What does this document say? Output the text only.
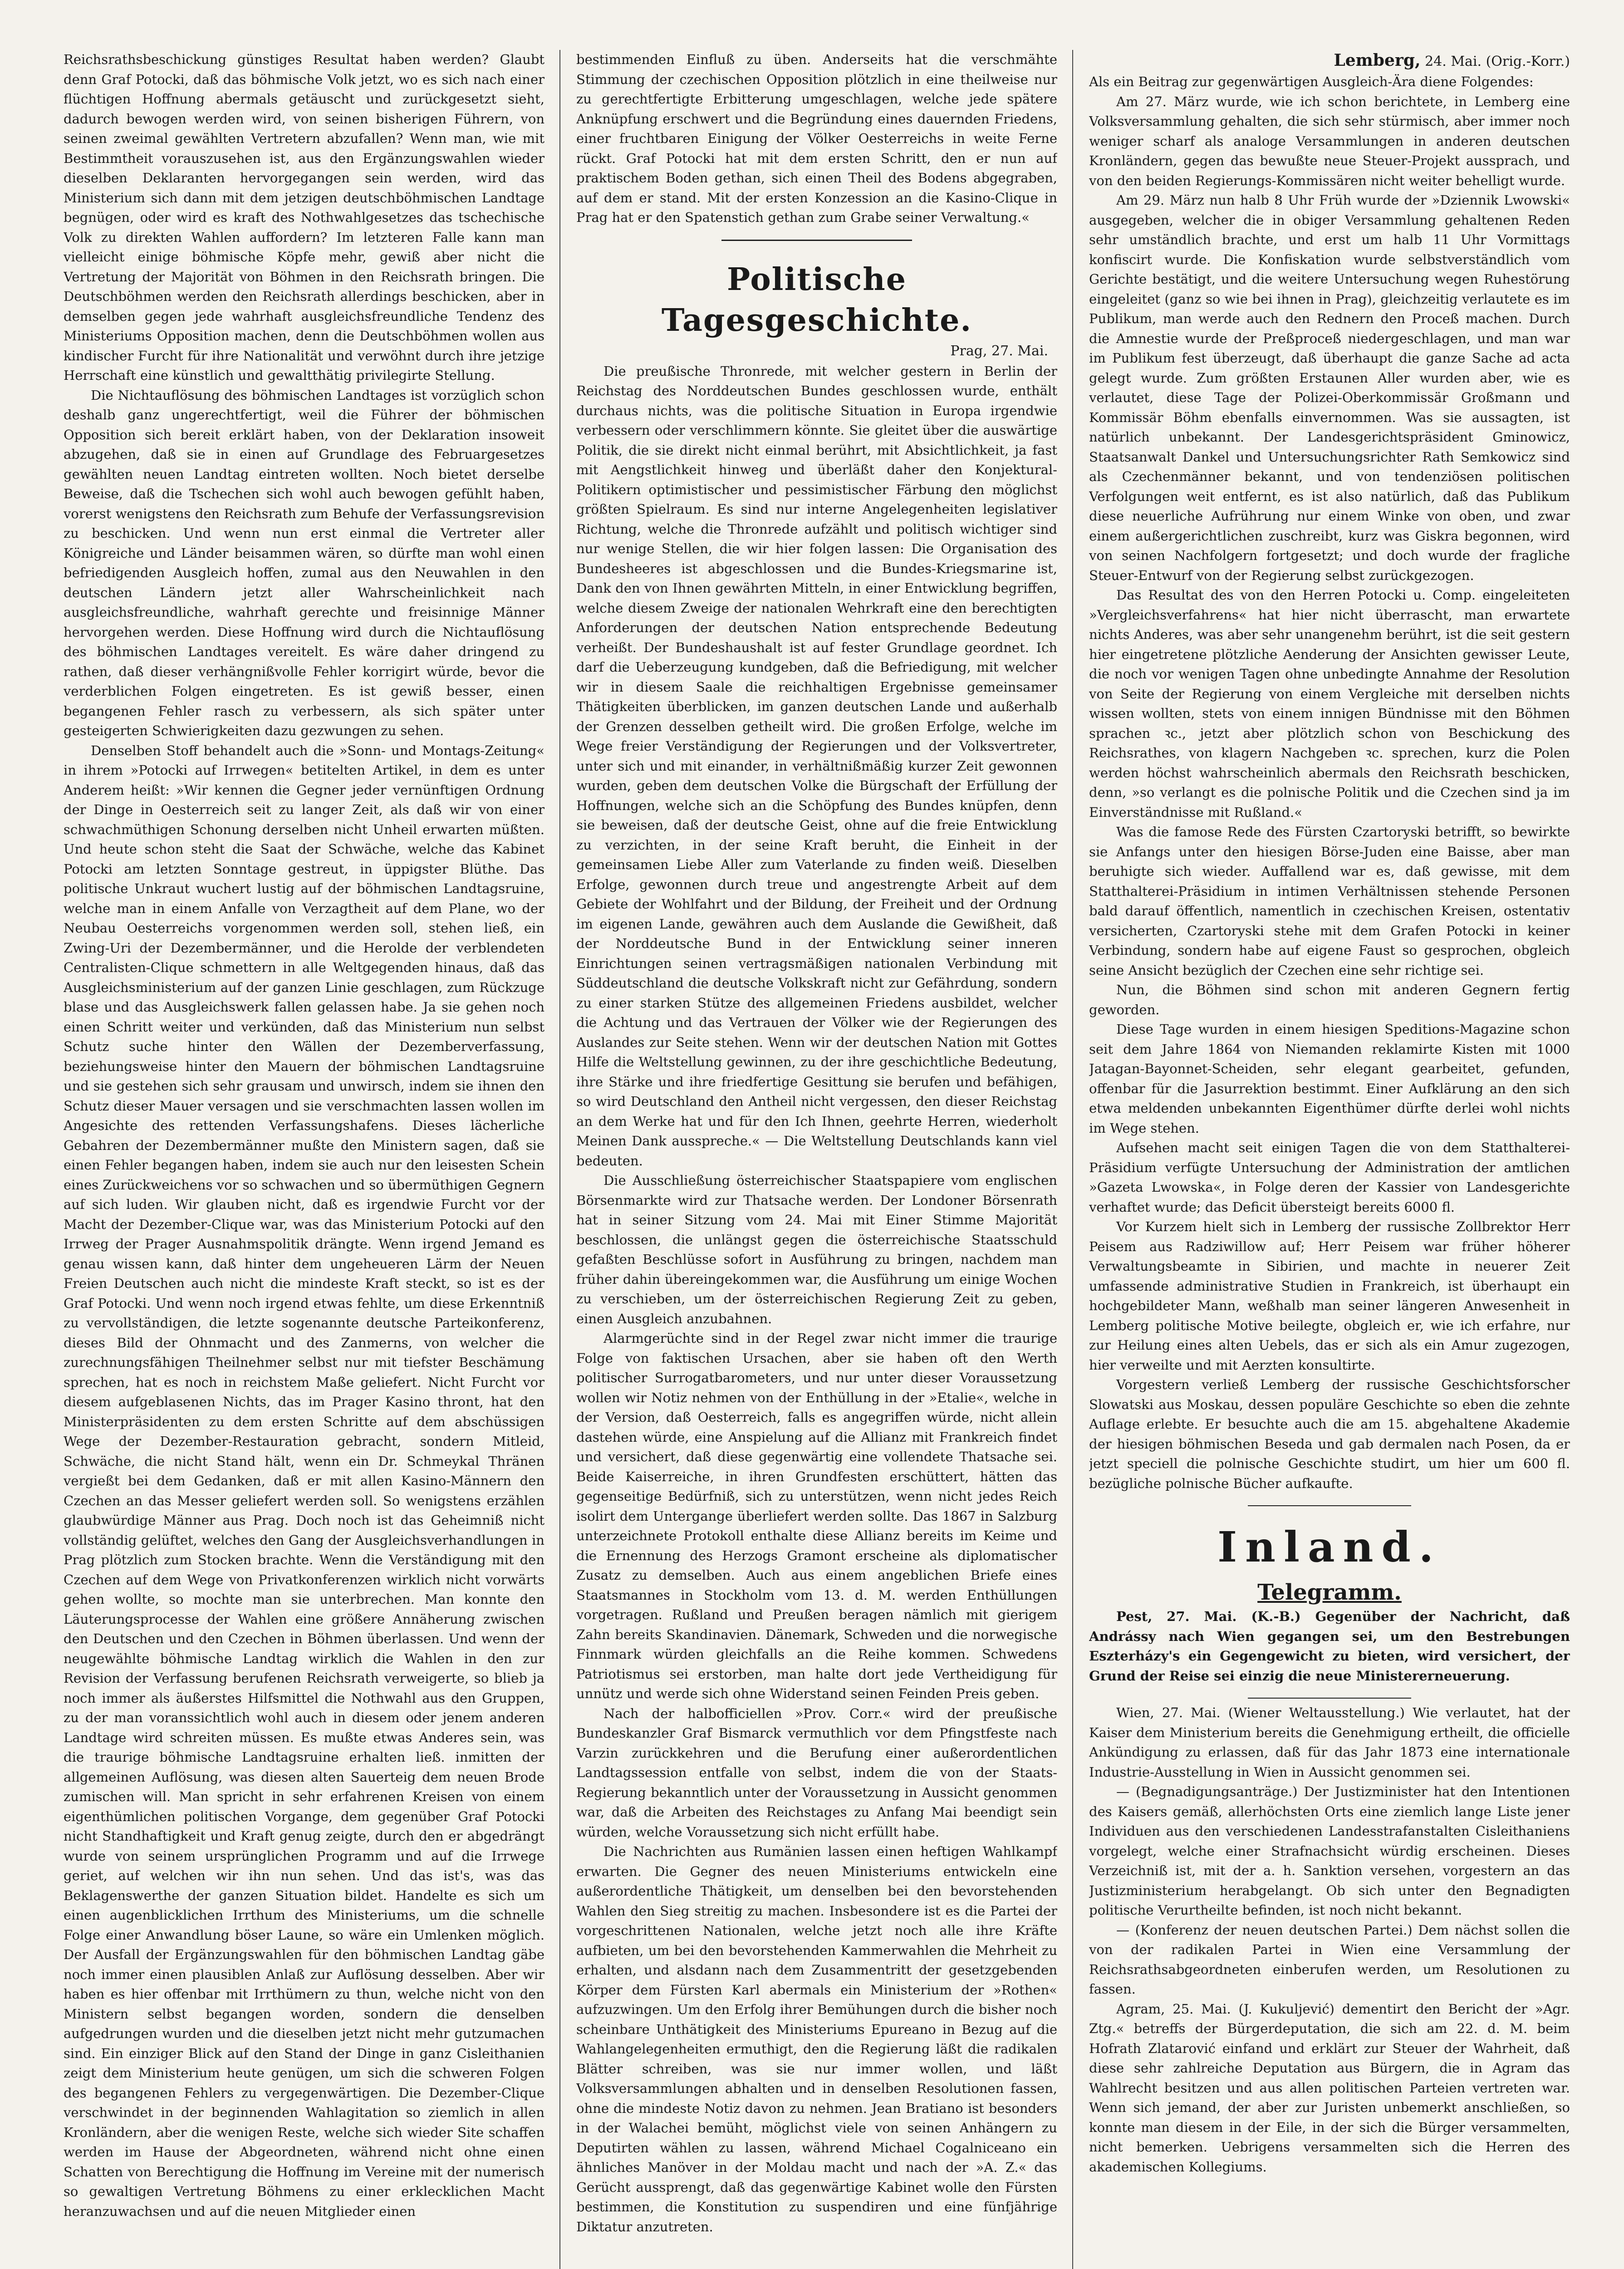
Reichsrathsbeschickung günstiges Resultat haben werden? Glaubt denn Graf Potocki, daß das böhmische Volk jetzt, wo es sich nach einer flüchtigen Hoffnung abermals getäuscht und zurückgesetzt sieht, dadurch bewogen werden wird, von seinen bisherigen Führern, von seinen zweimal gewählten Vertretern abzufallen? Wenn man, wie mit Bestimmtheit vorauszusehen ist, aus den Ergänzungswahlen wieder dieselben Deklaranten hervorgegangen sein werden, wird das Ministerium sich dann mit dem jetzigen deutschböhmischen Landtage begnügen, oder wird es kraft des Nothwahlgesetzes das tschechische Volk zu direkten Wahlen auffordern? Im letzteren Falle kann man vielleicht einige böhmische Köpfe mehr, gewiß aber nicht die Vertretung der Majorität von Böhmen in den Reichsrath bringen. Die Deutschböhmen werden den Reichsrath allerdings beschicken, aber in demselben gegen jede wahrhaft ausgleichsfreundliche Tendenz des Ministeriums Opposition machen, denn die Deutschböhmen wollen aus kindischer Furcht für ihre Nationalität und verwöhnt durch ihre jetzige Herrschaft eine künstlich und gewaltthätig privilegirte Stellung.

Die Nichtauflösung des böhmischen Landtages ist vorzüglich schon deshalb ganz ungerechtfertigt, weil die Führer der böhmischen Opposition sich bereit erklärt haben, von der Deklaration insoweit abzugehen, daß sie in einen auf Grundlage des Februargesetzes gewählten neuen Landtag eintreten wollten. Noch bietet derselbe Beweise, daß die Tschechen sich wohl auch bewogen gefühlt haben, vorerst wenigstens den Reichsrath zum Behufe der Verfassungsrevision zu beschicken. Und wenn nun erst einmal die Vertreter aller Königreiche und Länder beisammen wären, so dürfte man wohl einen befriedigenden Ausgleich hoffen, zumal aus den Neuwahlen in den deutschen Ländern jetzt aller Wahrscheinlichkeit nach ausgleichsfreundliche, wahrhaft gerechte und freisinnige Männer hervorgehen werden. Diese Hoffnung wird durch die Nichtauflösung des böhmischen Landtages vereitelt. Es wäre daher dringend zu rathen, daß dieser verhängnißvolle Fehler korrigirt würde, bevor die verderblichen Folgen eingetreten. Es ist gewiß besser, einen begangenen Fehler rasch zu verbessern, als sich später unter gesteigerten Schwierigkeiten dazu gezwungen zu sehen.

Denselben Stoff behandelt auch die »Sonn- und Montags-Zeitung« in ihrem »Potocki auf Irrwegen« betitelten Artikel, in dem es unter Anderem heißt: »Wir kennen die Gegner jeder vernünftigen Ordnung der Dinge in Oesterreich seit zu langer Zeit, als daß wir von einer schwachmüthigen Schonung derselben nicht Unheil erwarten müßten. Und heute schon steht die Saat der Schwäche, welche das Kabinet Potocki am letzten Sonntage gestreut, in üppigster Blüthe. Das politische Unkraut wuchert lustig auf der böhmischen Landtagsruine, welche man in einem Anfalle von Verzagtheit auf dem Plane, wo der Neubau Oesterreichs vorgenommen werden soll, stehen ließ, ein Zwing-Uri der Dezembermänner, und die Herolde der verblendeten Centralisten-Clique schmettern in alle Weltgegenden hinaus, daß das Ausgleichsministerium auf der ganzen Linie geschlagen, zum Rückzuge blase und das Ausgleichswerk fallen gelassen habe. Ja sie gehen noch einen Schritt weiter und verkünden, daß das Ministerium nun selbst Schutz suche hinter den Wällen der Dezemberverfassung, beziehungsweise hinter den Mauern der böhmischen Landtagsruine und sie gestehen sich sehr grausam und unwirsch, indem sie ihnen den Schutz dieser Mauer versagen und sie verschmachten lassen wollen im Angesichte des rettenden Verfassungshafens. Dieses lächerliche Gebahren der Dezembermänner mußte den Ministern sagen, daß sie einen Fehler begangen haben, indem sie auch nur den leisesten Schein eines Zurückweichens vor so schwachen und so übermüthigen Gegnern auf sich luden. Wir glauben nicht, daß es irgendwie Furcht vor der Macht der Dezember-Clique war, was das Ministerium Potocki auf den Irrweg der Prager Ausnahmspolitik drängte. Wenn irgend Jemand es genau wissen kann, daß hinter dem ungeheueren Lärm der Neuen Freien Deutschen auch nicht die mindeste Kraft steckt, so ist es der Graf Potocki. Und wenn noch irgend etwas fehlte, um diese Erkenntniß zu vervollständigen, die letzte sogenannte deutsche Parteikonferenz, dieses Bild der Ohnmacht und des Zanmerns, von welcher die zurechnungsfähigen Theilnehmer selbst nur mit tiefster Beschämung sprechen, hat es noch in reichstem Maße geliefert. Nicht Furcht vor diesem aufgeblasenen Nichts, das im Prager Kasino thront, hat den Ministerpräsidenten zu dem ersten Schritte auf dem abschüssigen Wege der Dezember-Restauration gebracht, sondern Mitleid, Schwäche, die nicht Stand hält, wenn ein Dr. Schmeykal Thränen vergießt bei dem Gedanken, daß er mit allen Kasino-Männern den Czechen an das Messer geliefert werden soll. So wenigstens erzählen glaubwürdige Männer aus Prag. Doch noch ist das Geheimniß nicht vollständig gelüftet, welches den Gang der Ausgleichsverhandlungen in Prag plötzlich zum Stocken brachte. Wenn die Verständigung mit den Czechen auf dem Wege von Privatkonferenzen wirklich nicht vorwärts gehen wollte, so mochte man sie unterbrechen. Man konnte den Läuterungsprocesse der Wahlen eine größere Annäherung zwischen den Deutschen und den Czechen in Böhmen überlassen. Und wenn der neugewählte böhmische Landtag wirklich die Wahlen in den zur Revision der Verfassung berufenen Reichsrath verweigerte, so blieb ja noch immer als äußerstes Hilfsmittel die Nothwahl aus den Gruppen, zu der man voranssichtlich wohl auch in diesem oder jenem anderen Landtage wird schreiten müssen. Es mußte etwas Anderes sein, was die traurige böhmische Landtagsruine erhalten ließ. inmitten der allgemeinen Auflösung, was diesen alten Sauerteig dem neuen Brode zumischen will. Man spricht in sehr erfahrenen Kreisen von einem eigenthümlichen politischen Vorgange, dem gegenüber Graf Potocki nicht Standhaftigkeit und Kraft genug zeigte, durch den er abgedrängt wurde von seinem ursprünglichen Programm und auf die Irrwege geriet, auf welchen wir ihn nun sehen. Und das ist's, was das Beklagenswerthe der ganzen Situation bildet. Handelte es sich um einen augenblicklichen Irrthum des Ministeriums, um die schnelle Folge einer Anwandlung böser Laune, so wäre ein Umlenken möglich. Der Ausfall der Ergänzungswahlen für den böhmischen Landtag gäbe noch immer einen plausiblen Anlaß zur Auflösung desselben. Aber wir haben es hier offenbar mit Irrthümern zu thun, welche nicht von den Ministern selbst begangen worden, sondern die denselben aufgedrungen wurden und die dieselben jetzt nicht mehr gutzumachen sind. Ein einziger Blick auf den Stand der Dinge in ganz Cisleithanien zeigt dem Ministerium heute genügen, um sich die schweren Folgen des begangenen Fehlers zu vergegenwärtigen. Die Dezember-Clique verschwindet in der beginnenden Wahlagitation so ziemlich in allen Kronländern, aber die wenigen Reste, welche sich wieder Site schaffen werden im Hause der Abgeordneten, während nicht ohne einen Schatten von Berechtigung die Hoffnung im Vereine mit der numerisch so gewaltigen Vertretung Böhmens zu einer erklecklichen Macht heranzuwachsen und auf die neuen Mitglieder einen

bestimmenden Einfluß zu üben. Anderseits hat die verschmähte Stimmung der czechischen Opposition plötzlich in eine theilweise nur zu gerechtfertigte Erbitterung umgeschlagen, welche jede spätere Anknüpfung erschwert und die Begründung eines dauernden Friedens, einer fruchtbaren Einigung der Völker Oesterreichs in weite Ferne rückt. Graf Potocki hat mit dem ersten Schritt, den er nun auf praktischem Boden gethan, sich einen Theil des Bodens abgegraben, auf dem er stand. Mit der ersten Konzession an die Kasino-Clique in Prag hat er den Spatenstich gethan zum Grabe seiner Verwaltung.«

Politische Tagesgeschichte.

Prag, 27. Mai.

Die preußische Thronrede, mit welcher gestern in Berlin der Reichstag des Norddeutschen Bundes geschlossen wurde, enthält durchaus nichts, was die politische Situation in Europa irgendwie verbessern oder verschlimmern könnte. Sie gleitet über die auswärtige Politik, die sie direkt nicht einmal berührt, mit Absichtlichkeit, ja fast mit Aengstlichkeit hinweg und überläßt daher den Konjektural-Politikern optimistischer und pessimistischer Färbung den möglichst größten Spielraum. Es sind nur interne Angelegenheiten legislativer Richtung, welche die Thronrede aufzählt und politisch wichtiger sind nur wenige Stellen, die wir hier folgen lassen: Die Organisation des Bundesheeres ist abgeschlossen und die Bundes-Kriegsmarine ist, Dank den von Ihnen gewährten Mitteln, in einer Entwicklung begriffen, welche diesem Zweige der nationalen Wehrkraft eine den berechtigten Anforderungen der deutschen Nation entsprechende Bedeutung verheißt. Der Bundeshaushalt ist auf fester Grundlage geordnet. Ich darf die Ueberzeugung kundgeben, daß die Befriedigung, mit welcher wir in diesem Saale die reichhaltigen Ergebnisse gemeinsamer Thätigkeiten überblicken, im ganzen deutschen Lande und außerhalb der Grenzen desselben getheilt wird. Die großen Erfolge, welche im Wege freier Verständigung der Regierungen und der Volksvertreter, unter sich und mit einander, in verhältnißmäßig kurzer Zeit gewonnen wurden, geben dem deutschen Volke die Bürgschaft der Erfüllung der Hoffnungen, welche sich an die Schöpfung des Bundes knüpfen, denn sie beweisen, daß der deutsche Geist, ohne auf die freie Entwicklung zu verzichten, in der seine Kraft beruht, die Einheit in der gemeinsamen Liebe Aller zum Vaterlande zu finden weiß. Dieselben Erfolge, gewonnen durch treue und angestrengte Arbeit auf dem Gebiete der Wohlfahrt und der Bildung, der Freiheit und der Ordnung im eigenen Lande, gewähren auch dem Auslande die Gewißheit, daß der Norddeutsche Bund in der Entwicklung seiner inneren Einrichtungen seinen vertragsmäßigen nationalen Verbindung mit Süddeutschland die deutsche Volkskraft nicht zur Gefährdung, sondern zu einer starken Stütze des allgemeinen Friedens ausbildet, welcher die Achtung und das Vertrauen der Völker wie der Regierungen des Auslandes zur Seite stehen. Wenn wir der deutschen Nation mit Gottes Hilfe die Weltstellung gewinnen, zu der ihre geschichtliche Bedeutung, ihre Stärke und ihre friedfertige Gesittung sie berufen und befähigen, so wird Deutschland den Antheil nicht vergessen, den dieser Reichstag an dem Werke hat und für den Ich Ihnen, geehrte Herren, wiederholt Meinen Dank ausspreche.« — Die Weltstellung Deutschlands kann viel bedeuten.

Die Ausschließung österreichischer Staatspapiere vom englischen Börsenmarkte wird zur Thatsache werden. Der Londoner Börsenrath hat in seiner Sitzung vom 24. Mai mit Einer Stimme Majorität beschlossen, die unlängst gegen die österreichische Staatsschuld gefaßten Beschlüsse sofort in Ausführung zu bringen, nachdem man früher dahin übereingekommen war, die Ausführung um einige Wochen zu verschieben, um der österreichischen Regierung Zeit zu geben, einen Ausgleich anzubahnen.

Alarmgerüchte sind in der Regel zwar nicht immer die traurige Folge von faktischen Ursachen, aber sie haben oft den Werth politischer Surrogatbarometers, und nur unter dieser Voraussetzung wollen wir Notiz nehmen von der Enthüllung in der »Etalie«, welche in der Version, daß Oesterreich, falls es angegriffen würde, nicht allein dastehen würde, eine Anspielung auf die Allianz mit Frankreich findet und versichert, daß diese gegenwärtig eine vollendete Thatsache sei. Beide Kaiserreiche, in ihren Grundfesten erschüttert, hätten das gegenseitige Bedürfniß, sich zu unterstützen, wenn nicht jedes Reich isolirt dem Untergange überliefert werden sollte. Das 1867 in Salzburg unterzeichnete Protokoll enthalte diese Allianz bereits im Keime und die Ernennung des Herzogs Gramont erscheine als diplomatischer Zusatz zu demselben. Auch aus einem angeblichen Briefe eines Staatsmannes in Stockholm vom 13. d. M. werden Enthüllungen vorgetragen. Rußland und Preußen beragen nämlich mit gierigem Zahn bereits Skandinavien. Dänemark, Schweden und die norwegische Finnmark würden gleichfalls an die Reihe kommen. Schwedens Patriotismus sei erstorben, man halte dort jede Vertheidigung für unnütz und werde sich ohne Widerstand seinen Feinden Preis geben.

Nach der halbofficiellen »Prov. Corr.« wird der preußische Bundeskanzler Graf Bismarck vermuthlich vor dem Pfingstfeste nach Varzin zurückkehren und die Berufung einer außerordentlichen Landtagssession entfalle von selbst, indem die von der Staats-Regierung bekanntlich unter der Voraussetzung in Aussicht genommen war, daß die Arbeiten des Reichstages zu Anfang Mai beendigt sein würden, welche Voraussetzung sich nicht erfüllt habe.

Die Nachrichten aus Rumänien lassen einen heftigen Wahlkampf erwarten. Die Gegner des neuen Ministeriums entwickeln eine außerordentliche Thätigkeit, um denselben bei den bevorstehenden Wahlen den Sieg streitig zu machen. Insbesondere ist es die Partei der vorgeschrittenen Nationalen, welche jetzt noch alle ihre Kräfte aufbieten, um bei den bevorstehenden Kammerwahlen die Mehrheit zu erhalten, und alsdann nach dem Zusammentritt der gesetzgebenden Körper dem Fürsten Karl abermals ein Ministerium der »Rothen« aufzuzwingen. Um den Erfolg ihrer Bemühungen durch die bisher noch scheinbare Unthätigkeit des Ministeriums Epureano in Bezug auf die Wahlangelegenheiten ermuthigt, den die Regierung läßt die radikalen Blätter schreiben, was sie nur immer wollen, und läßt Volksversammlungen abhalten und in denselben Resolutionen fassen, ohne die mindeste Notiz davon zu nehmen. Jean Bratiano ist besonders in der Walachei bemüht, möglichst viele von seinen Anhängern zu Deputirten wählen zu lassen, während Michael Cogalniceano ein ähnliches Manöver in der Moldau macht und nach der »A. Z.« das Gerücht aussprengt, daß das gegenwärtige Kabinet wolle den Fürsten bestimmen, die Konstitution zu suspendiren und eine fünfjährige Diktatur anzutreten.

Lemberg, 24. Mai. (Orig.-Korr.)

Als ein Beitrag zur gegenwärtigen Ausgleich-Ära diene Folgendes:

Am 27. März wurde, wie ich schon berichtete, in Lemberg eine Volksversammlung gehalten, die sich sehr stürmisch, aber immer noch weniger scharf als analoge Versammlungen in anderen deutschen Kronländern, gegen das bewußte neue Steuer-Projekt aussprach, und von den beiden Regierungs-Kommissären nicht weiter behelligt wurde.

Am 29. März nun halb 8 Uhr Früh wurde der »Dziennik Lwowski« ausgegeben, welcher die in obiger Versammlung gehaltenen Reden sehr umständlich brachte, und erst um halb 11 Uhr Vormittags konfiscirt wurde. Die Konfiskation wurde selbstverständlich vom Gerichte bestätigt, und die weitere Untersuchung wegen Ruhestörung eingeleitet (ganz so wie bei ihnen in Prag), gleichzeitig verlautete es im Publikum, man werde auch den Rednern den Proceß machen. Durch die Amnestie wurde der Preßproceß niedergeschlagen, und man war im Publikum fest überzeugt, daß überhaupt die ganze Sache ad acta gelegt wurde. Zum größten Erstaunen Aller wurden aber, wie es verlautet, diese Tage der Polizei-Oberkommissär Großmann und Kommissär Böhm ebenfalls einvernommen. Was sie aussagten, ist natürlich unbekannt. Der Landesgerichtspräsident Gminowicz, Staatsanwalt Dankel und Untersuchungsrichter Rath Semkowicz sind als Czechenmänner bekannt, und von tendenziösen politischen Verfolgungen weit entfernt, es ist also natürlich, daß das Publikum diese neuerliche Aufrührung nur einem Winke von oben, und zwar einem außergerichtlichen zuschreibt, kurz was Giskra begonnen, wird von seinen Nachfolgern fortgesetzt; und doch wurde der fragliche Steuer-Entwurf von der Regierung selbst zurückgezogen.

Das Resultat des von den Herren Potocki u. Comp. eingeleiteten »Vergleichsverfahrens« hat hier nicht überrascht, man erwartete nichts Anderes, was aber sehr unangenehm berührt, ist die seit gestern hier eingetretene plötzliche Aenderung der Ansichten gewisser Leute, die noch vor wenigen Tagen ohne unbedingte Annahme der Resolution von Seite der Regierung von einem Vergleiche mit derselben nichts wissen wollten, stets von einem innigen Bündnisse mit den Böhmen sprachen ꝛc., jetzt aber plötzlich schon von Beschickung des Reichsrathes, von klagern Nachgeben ꝛc. sprechen, kurz die Polen werden höchst wahrscheinlich abermals den Reichsrath beschicken, denn, »so verlangt es die polnische Politik und die Czechen sind ja im Einverständnisse mit Rußland.«

Was die famose Rede des Fürsten Czartoryski betrifft, so bewirkte sie Anfangs unter den hiesigen Börse-Juden eine Baisse, aber man beruhigte sich wieder. Auffallend war es, daß gewisse, mit dem Statthalterei-Präsidium in intimen Verhältnissen stehende Personen bald darauf öffentlich, namentlich in czechischen Kreisen, ostentativ versicherten, Czartoryski stehe mit dem Grafen Potocki in keiner Verbindung, sondern habe auf eigene Faust so gesprochen, obgleich seine Ansicht bezüglich der Czechen eine sehr richtige sei.

Nun, die Böhmen sind schon mit anderen Gegnern fertig geworden.

Diese Tage wurden in einem hiesigen Speditions-Magazine schon seit dem Jahre 1864 von Niemanden reklamirte Kisten mit 1000 Jatagan-Bayonnet-Scheiden, sehr elegant gearbeitet, gefunden, offenbar für die Jasurrektion bestimmt. Einer Aufklärung an den sich etwa meldenden unbekannten Eigenthümer dürfte derlei wohl nichts im Wege stehen.

Aufsehen macht seit einigen Tagen die von dem Statthalterei-Präsidium verfügte Untersuchung der Administration der amtlichen »Gazeta Lwowska«, in Folge deren der Kassier von Landesgerichte verhaftet wurde; das Deficit übersteigt bereits 6000 fl.

Vor Kurzem hielt sich in Lemberg der russische Zollbrektor Herr Peisem aus Radziwillow auf; Herr Peisem war früher höherer Verwaltungsbeamte in Sibirien, und machte in neuerer Zeit umfassende administrative Studien in Frankreich, ist überhaupt ein hochgebildeter Mann, weßhalb man seiner längeren Anwesenheit in Lemberg politische Motive beilegte, obgleich er, wie ich erfahre, nur zur Heilung eines alten Uebels, das er sich als ein Amur zugezogen, hier verweilte und mit Aerzten konsultirte.

Vorgestern verließ Lemberg der russische Geschichtsforscher Slowatski aus Moskau, dessen populäre Geschichte so eben die zehnte Auflage erlebte. Er besuchte auch die am 15. abgehaltene Akademie der hiesigen böhmischen Beseda und gab dermalen nach Posen, da er jetzt speciell die polnische Geschichte studirt, um hier um 600 fl. bezügliche polnische Bücher aufkaufte.

Inland.
Telegramm.

Pest, 27. Mai. (K.-B.) Gegenüber der Nachricht, daß Andrássy nach Wien gegangen sei, um den Bestrebungen Eszterházy's ein Gegengewicht zu bieten, wird versichert, der Grund der Reise sei einzig die neue Ministererneuerung.

Wien, 27. Mai. (Wiener Weltausstellung.) Wie verlautet, hat der Kaiser dem Ministerium bereits die Genehmigung ertheilt, die officielle Ankündigung zu erlassen, daß für das Jahr 1873 eine internationale Industrie-Ausstellung in Wien in Aussicht genommen sei.

— (Begnadigungsanträge.) Der Justizminister hat den Intentionen des Kaisers gemäß, allerhöchsten Orts eine ziemlich lange Liste jener Individuen aus den verschiedenen Landesstrafanstalten Cisleithaniens vorgelegt, welche einer Strafnachsicht würdig erscheinen. Dieses Verzeichniß ist, mit der a. h. Sanktion versehen, vorgestern an das Justizministerium herabgelangt. Ob sich unter den Begnadigten politische Verurtheilte befinden, ist noch nicht bekannt.

— (Konferenz der neuen deutschen Partei.) Dem nächst sollen die von der radikalen Partei in Wien eine Versammlung der Reichsrathsabgeordneten einberufen werden, um Resolutionen zu fassen.

Agram, 25. Mai. (J. Kukuljević) dementirt den Bericht der »Agr. Ztg.« betreffs der Bürgerdeputation, die sich am 22. d. M. beim Hofrath Zlatarović einfand und erklärt zur Steuer der Wahrheit, daß diese sehr zahlreiche Deputation aus Bürgern, die in Agram das Wahlrecht besitzen und aus allen politischen Parteien vertreten war. Wenn sich jemand, der aber zur Juristen unbemerkt anschließen, so konnte man diesem in der Eile, in der sich die Bürger versammelten, nicht bemerken. Uebrigens versammelten sich die Herren des akademischen Kollegiums.
